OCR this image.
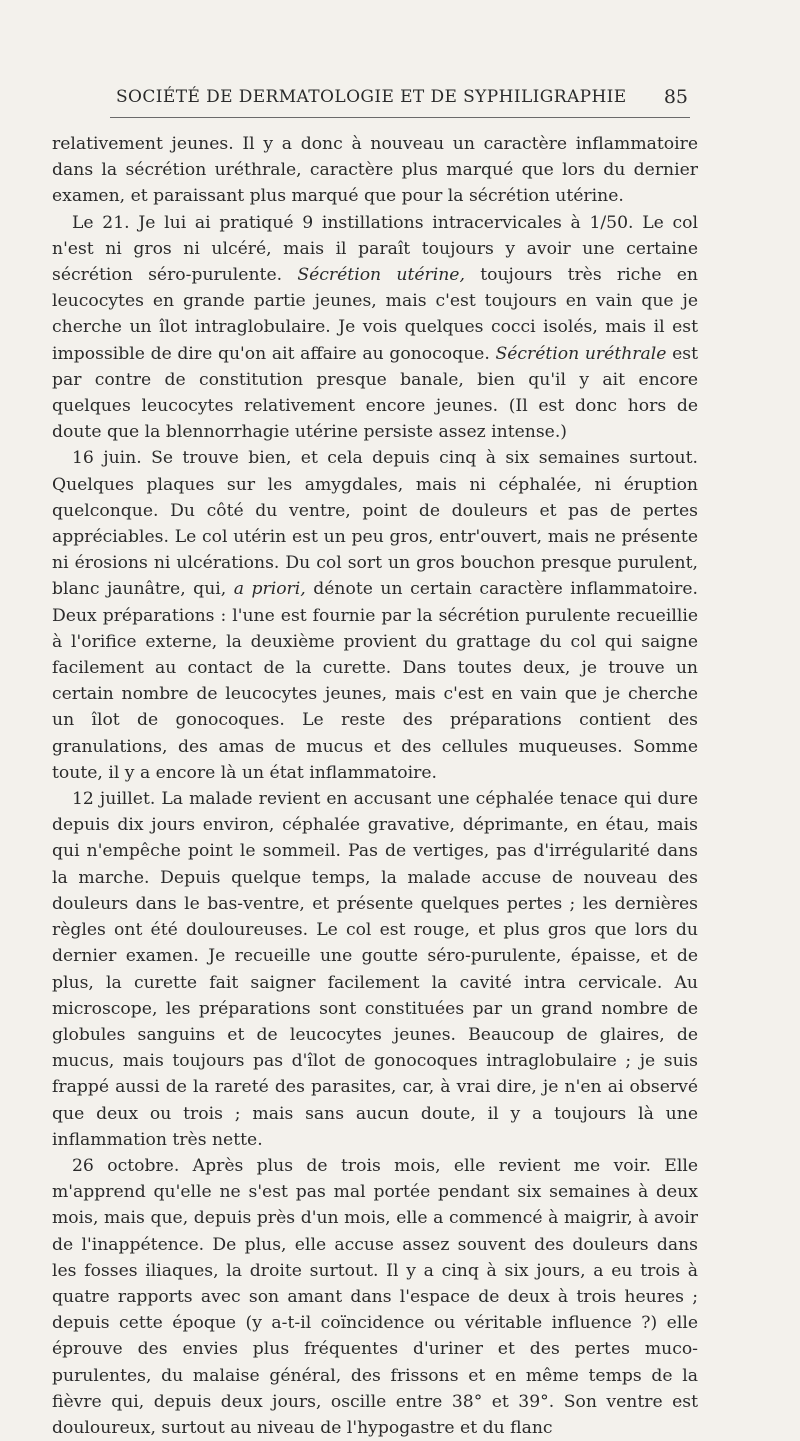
SOCIÉTÉ DE DERMATOLOGIE ET DE SYPHILIGRAPHIE 85

relativement jeunes. Il y a donc à nouveau un caractère inflammatoire dans la sécrétion uréthrale, caractère plus marqué que lors du dernier examen, et paraissant plus marqué que pour la sécrétion utérine.

Le 21. Je lui ai pratiqué 9 instillations intracervicales à 1/50. Le col n'est ni gros ni ulcéré, mais il paraît toujours y avoir une certaine sécrétion séro-purulente. Sécrétion utérine, toujours très riche en leucocytes en grande partie jeunes, mais c'est toujours en vain que je cherche un îlot intraglobulaire. Je vois quelques cocci isolés, mais il est impossible de dire qu'on ait affaire au gonocoque. Sécrétion uréthrale est par contre de constitution presque banale, bien qu'il y ait encore quelques leucocytes relativement encore jeunes. (Il est donc hors de doute que la blennorrhagie utérine persiste assez intense.)

16 juin. Se trouve bien, et cela depuis cinq à six semaines surtout. Quelques plaques sur les amygdales, mais ni céphalée, ni éruption quelconque. Du côté du ventre, point de douleurs et pas de pertes appréciables. Le col utérin est un peu gros, entr'ouvert, mais ne présente ni érosions ni ulcérations. Du col sort un gros bouchon presque purulent, blanc jaunâtre, qui, a priori, dénote un certain caractère inflammatoire. Deux préparations : l'une est fournie par la sécrétion purulente recueillie à l'orifice externe, la deuxième provient du grattage du col qui saigne facilement au contact de la curette. Dans toutes deux, je trouve un certain nombre de leucocytes jeunes, mais c'est en vain que je cherche un îlot de gonocoques. Le reste des préparations contient des granulations, des amas de mucus et des cellules muqueuses. Somme toute, il y a encore là un état inflammatoire.

12 juillet. La malade revient en accusant une céphalée tenace qui dure depuis dix jours environ, céphalée gravative, déprimante, en étau, mais qui n'empêche point le sommeil. Pas de vertiges, pas d'irrégularité dans la marche. Depuis quelque temps, la malade accuse de nouveau des douleurs dans le bas-ventre, et présente quelques pertes ; les dernières règles ont été douloureuses. Le col est rouge, et plus gros que lors du dernier examen. Je recueille une goutte séro-purulente, épaisse, et de plus, la curette fait saigner facilement la cavité intra cervicale. Au microscope, les préparations sont constituées par un grand nombre de globules sanguins et de leucocytes jeunes. Beaucoup de glaires, de mucus, mais toujours pas d'îlot de gonocoques intraglobulaire ; je suis frappé aussi de la rareté des parasites, car, à vrai dire, je n'en ai observé que deux ou trois ; mais sans aucun doute, il y a toujours là une inflammation très nette.

26 octobre. Après plus de trois mois, elle revient me voir. Elle m'apprend qu'elle ne s'est pas mal portée pendant six semaines à deux mois, mais que, depuis près d'un mois, elle a commencé à maigrir, à avoir de l'inappétence. De plus, elle accuse assez souvent des douleurs dans les fosses iliaques, la droite surtout. Il y a cinq à six jours, a eu trois à quatre rapports avec son amant dans l'espace de deux à trois heures ; depuis cette époque (y a-t-il coïncidence ou véritable influence ?) elle éprouve des envies plus fréquentes d'uriner et des pertes muco-purulentes, du malaise général, des frissons et en même temps de la fièvre qui, depuis deux jours, oscille entre 38° et 39°. Son ventre est douloureux, surtout au niveau de l'hypogastre et du flanc
